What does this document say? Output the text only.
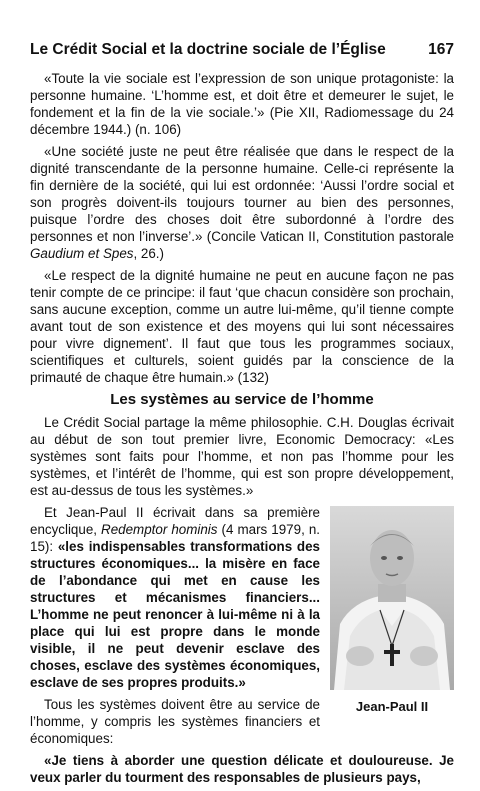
Le Crédit Social et la doctrine sociale de l’Église	167

«Toute la vie sociale est l’expression de son unique protagoniste: la personne humaine. ‘L’homme est, et doit être et demeurer le sujet, le fondement et la fin de la vie sociale.’» (Pie XII, Radiomessage du 24 décembre 1944.) (n. 106)

«Une société juste ne peut être réalisée que dans le respect de la dignité transcendante de la personne humaine. Celle-ci représente la fin dernière de la société, qui lui est ordonnée: ‘Aussi l’ordre social et son progrès doivent-ils toujours tourner au bien des personnes, puisque l’ordre des choses doit être subordonné à l’ordre des personnes et non l’inverse’.» (Concile Vatican II, Constitution pastorale Gaudium et Spes, 26.)

«Le respect de la dignité humaine ne peut en aucune façon ne pas tenir compte de ce principe: il faut ‘que chacun considère son prochain, sans aucune exception, comme un autre lui-même, qu’il tienne compte avant tout de son existence et des moyens qui lui sont nécessaires pour vivre dignement’. Il faut que tous les programmes sociaux, scientifiques et culturels, soient guidés par la conscience de la primauté de chaque être humain.» (132)

Les systèmes au service de l’homme

Le Crédit Social partage la même philosophie. C.H. Douglas écrivait au début de son tout premier livre, Economic Democracy: «Les systèmes sont faits pour l’homme, et non pas l’homme pour les systèmes, et l’intérêt de l’homme, qui est son propre développement, est au-dessus de tous les systèmes.»

Jean-Paul II

Et Jean-Paul II écrivait dans sa première encyclique, Redemptor hominis (4 mars 1979, n. 15): «les indispensables transformations des structures économiques... la misère en face de l’abondance qui met en cause les structures et mécanismes financiers... L’homme ne peut renoncer à lui-même ni à la place qui lui est propre dans le monde visible, il ne peut devenir esclave des choses, esclave des systèmes économiques, esclave de ses propres produits.»

Tous les systèmes doivent être au service de l’homme, y compris les systèmes financiers et économiques:

«Je tiens à aborder une question délicate et douloureuse. Je veux parler du tourment des responsables de plusieurs pays,
